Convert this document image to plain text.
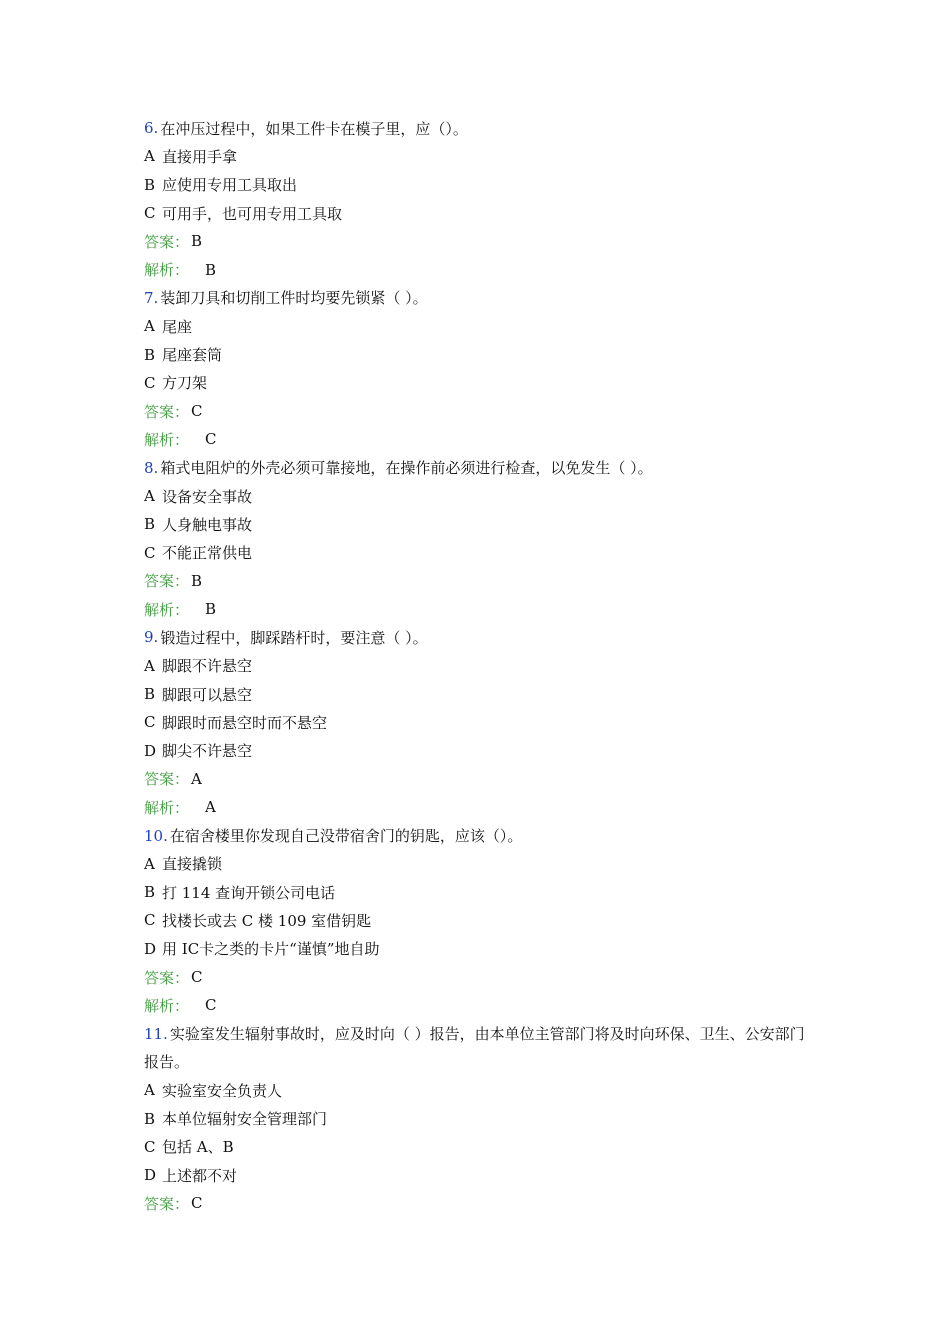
6 . 在冲压过程中，如果工件卡在模子里，应（）。
A 直接用手拿
B 应使用专用工具取出
C 可用手，也可用专用工具取
答案： B
解析： B
7 . 装卸刀具和切削工件时均要先锁紧（ ）。
A 尾座
B 尾座套筒
C 方刀架
答案： C
解析： C
8 . 箱式电阻炉的外壳必须可靠接地，在操作前必须进行检查，以免发生（ ）。
A 设备安全事故
B 人身触电事故
C 不能正常供电
答案： B
解析： B
9 . 锻造过程中，脚踩踏杆时，要注意（ ）。
A 脚跟不许悬空
B 脚跟可以悬空
C 脚跟时而悬空时而不悬空
D 脚尖不许悬空
答案： A
解析： A
10 . 在宿舍楼里你发现自己没带宿舍门的钥匙，应该（）。
A 直接撬锁
B 打 114 查询开锁公司电话
C 找楼长或去 C 楼 109 室借钥匙
D 用 IC卡之类的卡片“谨慎”地自助
答案： C
解析： C
11. 实验室发生辐射事故时，应及时向（ ）报告，由本单位主管部门将及时向环保、卫生、公安部门报告。
A 实验室安全负责人
B 本单位辐射安全管理部门
C 包括 A、B
D 上述都不对
答案： C
